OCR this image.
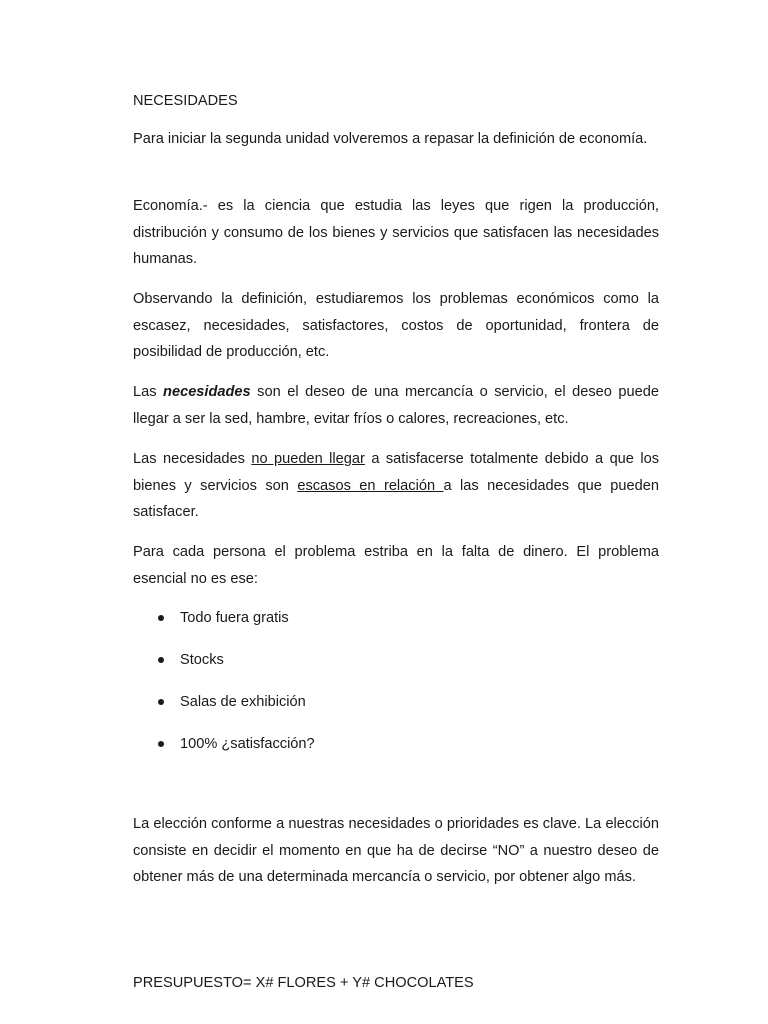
NECESIDADES

Para iniciar la segunda unidad volveremos a repasar la definición de economía.

Economía.- es la ciencia que estudia las leyes que rigen la producción, distribución y consumo de los bienes y servicios que satisfacen las necesidades humanas.

Observando la definición, estudiaremos los problemas económicos como la escasez, necesidades, satisfactores, costos de oportunidad, frontera de posibilidad de producción, etc.

Las necesidades son el deseo de una mercancía o servicio, el deseo puede llegar a ser la sed, hambre, evitar fríos o calores, recreaciones, etc.

Las necesidades no pueden llegar a satisfacerse totalmente debido a que los bienes y servicios son escasos en relación a las necesidades que pueden satisfacer.

Para cada persona el problema estriba en la falta de dinero. El problema esencial no es ese:

Todo fuera gratis
Stocks
Salas de exhibición
100% ¿satisfacción?

La elección conforme a nuestras necesidades o prioridades es clave. La elección consiste en decidir el momento en que ha de decirse “NO” a nuestro deseo de obtener más de una determinada mercancía o servicio, por obtener algo más.

PRESUPUESTO= X# FLORES + Y# CHOCOLATES
